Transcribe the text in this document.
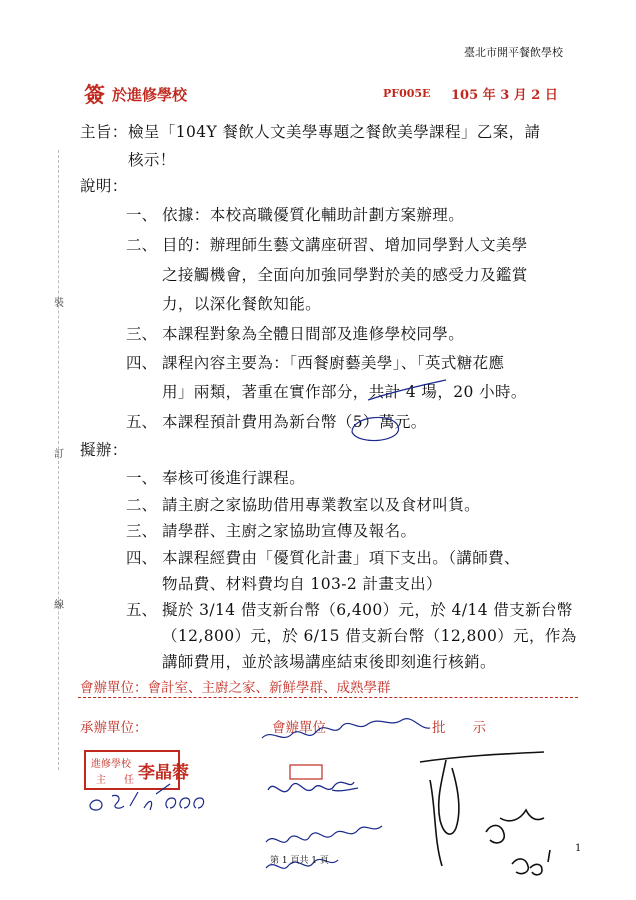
臺北市開平餐飲學校
簽 於進修學校	PF005E 105 年 3 月 2 日
裝
訂
線
主旨： 檢呈「104Y 餐飲人文美學專題之餐飲美學課程」乙案，請
核示！
說明：
一、 依據：本校高職優質化輔助計劃方案辦理。
二、 目的：辦理師生藝文講座研習、增加同學對人文美學
之接觸機會，全面向加強同學對於美的感受力及鑑賞
力，以深化餐飲知能。
三、 本課程對象為全體日間部及進修學校同學。
四、 課程內容主要為：「西餐廚藝美學」、「英式糖花應
用」兩類，著重在實作部分，共計 4 場，20 小時。
五、 本課程預計費用為新台幣（5）萬元。
擬辦：
一、 奉核可後進行課程。
二、 請主廚之家協助借用專業教室以及食材叫貨。
三、 請學群、主廚之家協助宣傳及報名。
四、 本課程經費由「優質化計畫」項下支出。（講師費、
物品費、材料費均自 103-2 計畫支出）
五、 擬於 3/14 借支新台幣（6,400）元，於 4/14 借支新台幣
（12,800）元，於 6/15 借支新台幣（12,800）元，作為
講師費用，並於該場講座結束後即刻進行核銷。
會辦單位：會計室、主廚之家、新鮮學群、成熟學群
承辦單位：	會辦單位	批　　示
進修學校
主　任 李晶蓉
第 1 頁共 1 頁
1
